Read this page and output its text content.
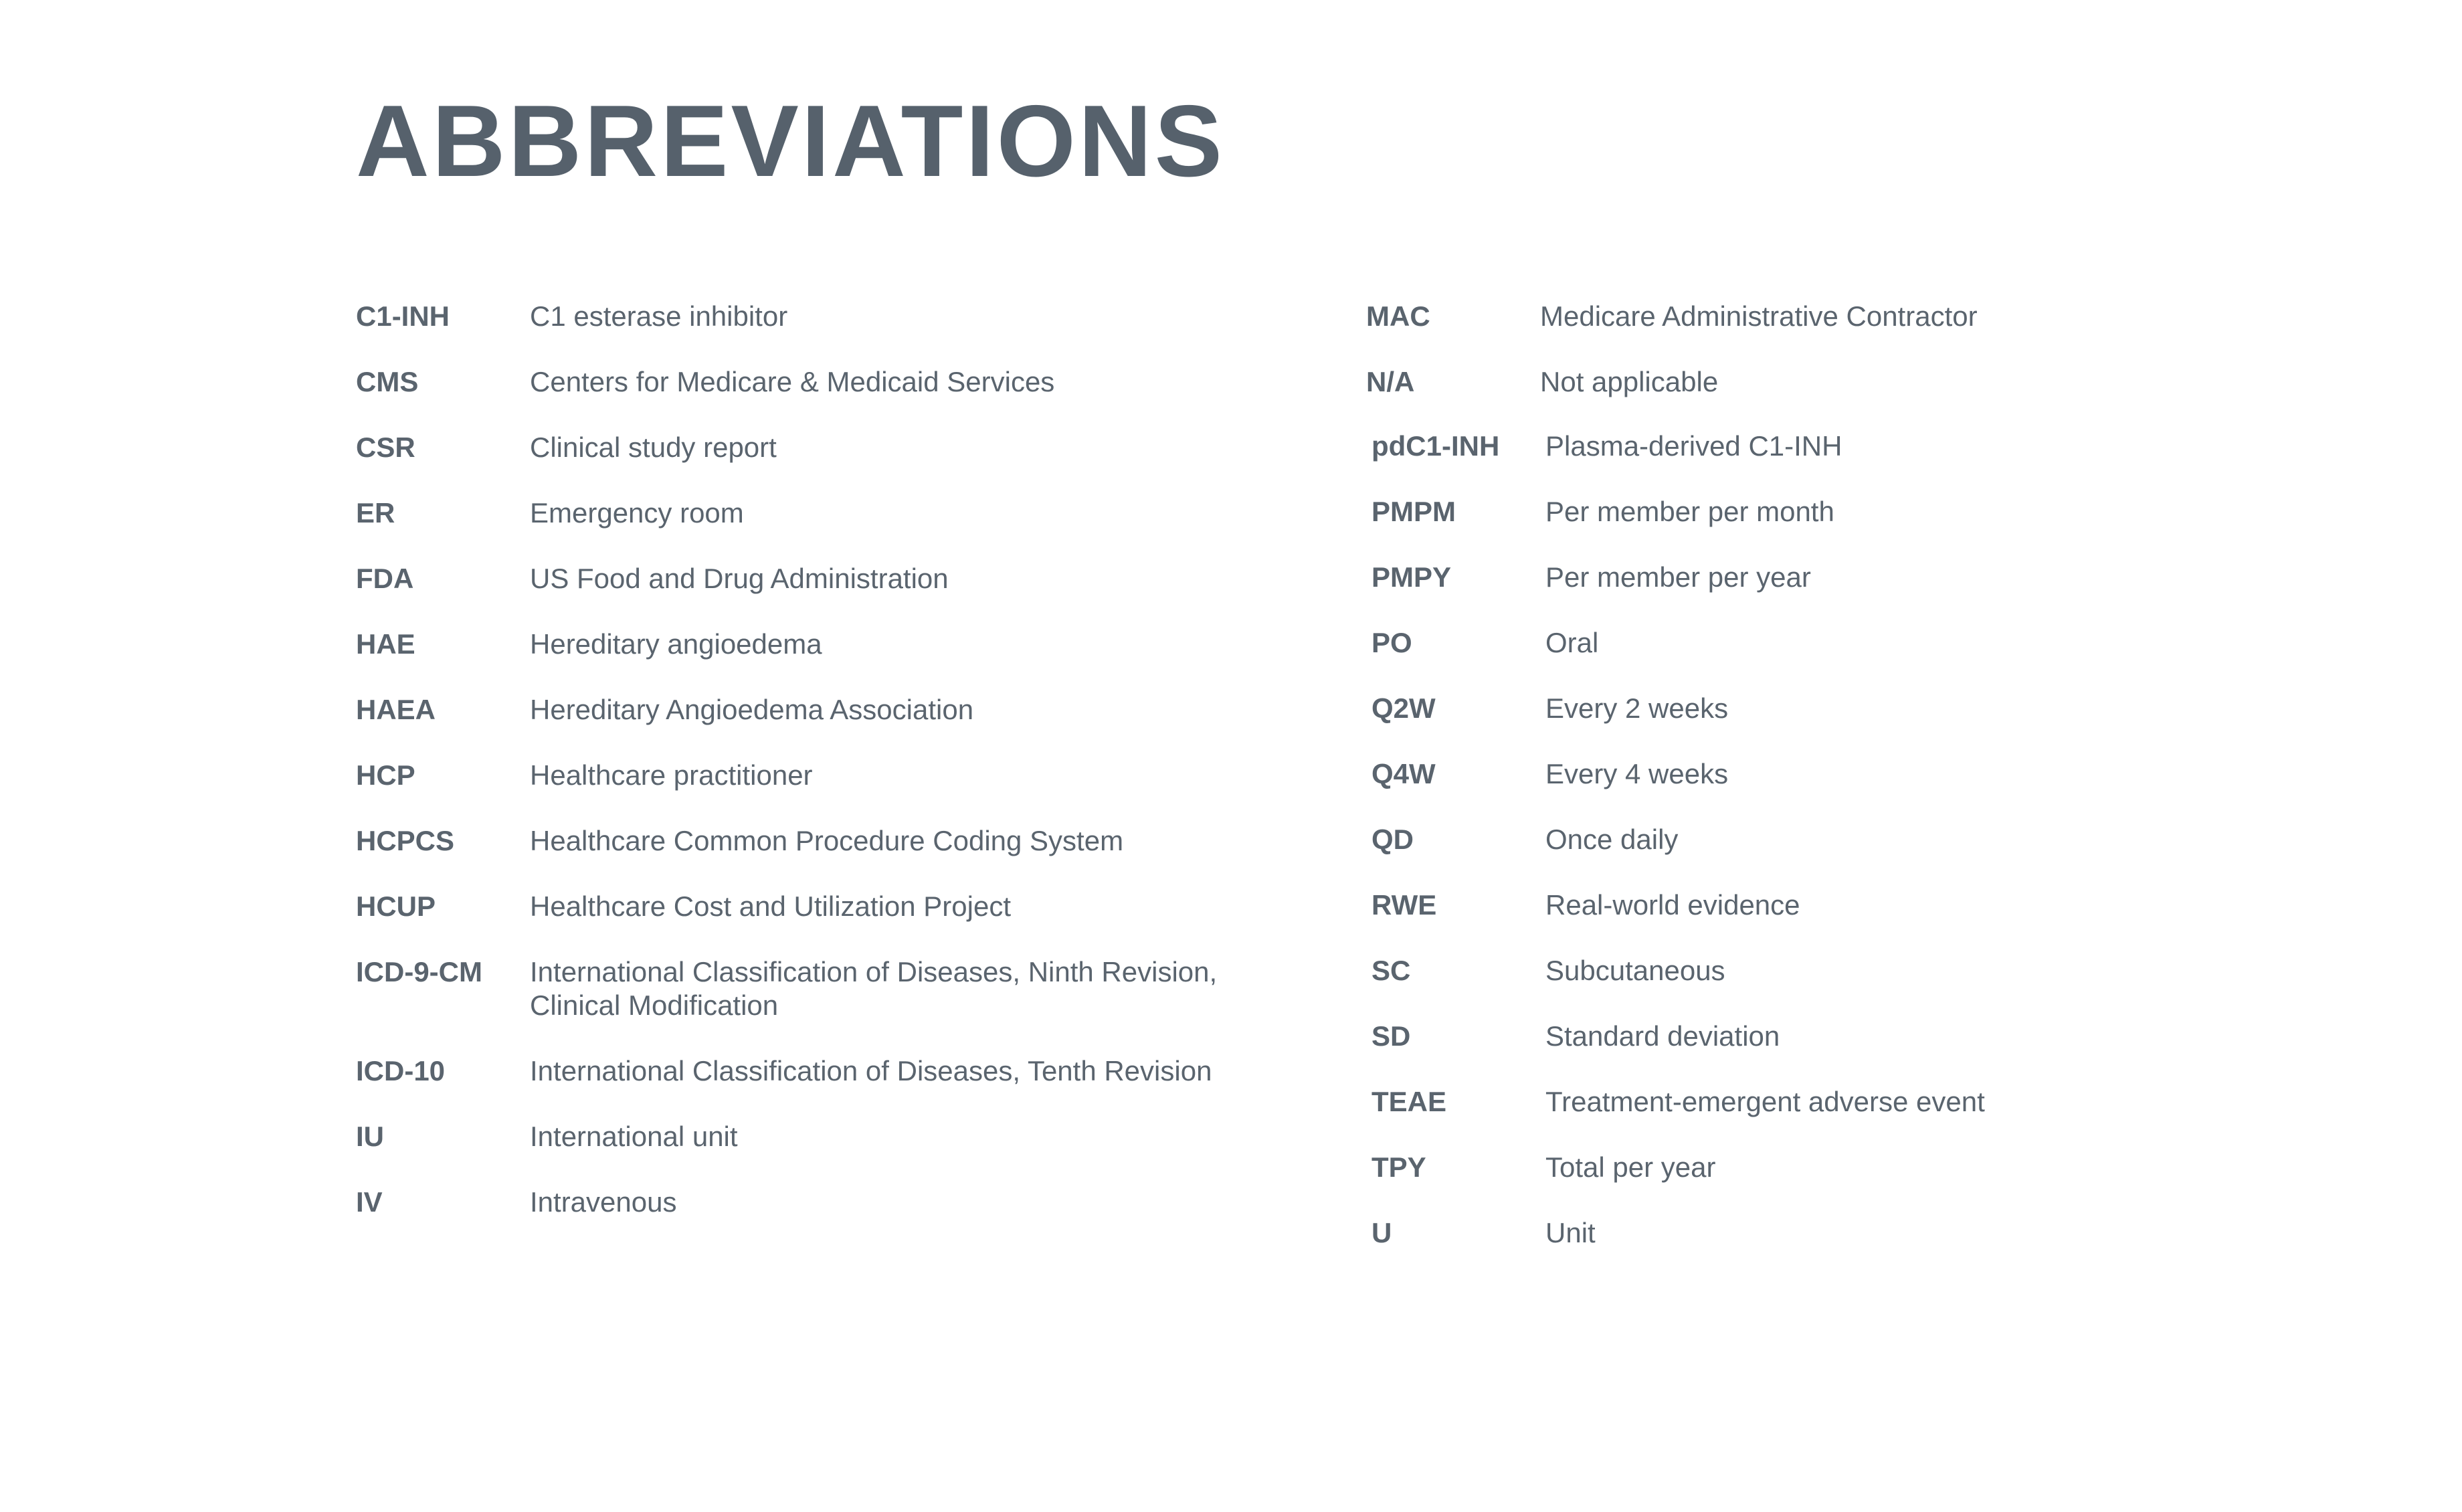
ABBREVIATIONS
C1-INH	C1 esterase inhibitor
CMS	Centers for Medicare & Medicaid Services
CSR	Clinical study report
ER	Emergency room
FDA	US Food and Drug Administration
HAE	Hereditary angioedema
HAEA	Hereditary Angioedema Association
HCP	Healthcare practitioner
HCPCS	Healthcare Common Procedure Coding System
HCUP	Healthcare Cost and Utilization Project
ICD-9-CM	International Classification of Diseases, Ninth Revision, Clinical Modification
ICD-10	International Classification of Diseases, Tenth Revision
IU	International unit
IV	Intravenous
MAC	Medicare Administrative Contractor
N/A	Not applicable
pdC1-INH	Plasma-derived C1-INH
PMPM	Per member per month
PMPY	Per member per year
PO	Oral
Q2W	Every 2 weeks
Q4W	Every 4 weeks
QD	Once daily
RWE	Real-world evidence
SC	Subcutaneous
SD	Standard deviation
TEAE	Treatment-emergent adverse event
TPY	Total per year
U	Unit
